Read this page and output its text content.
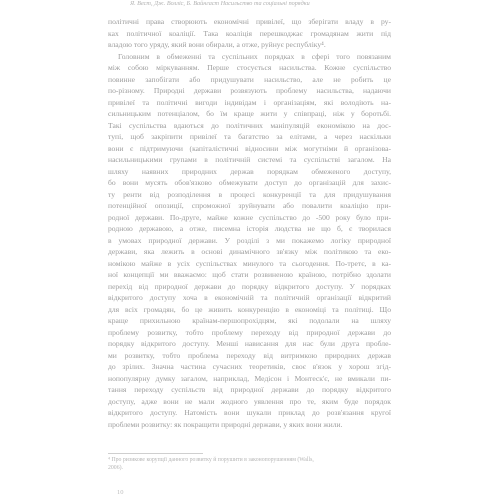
Я. Вест, Дж. Волліс, Б. Вайнгаст Насильство та соціальні порядки
політичні права створюють економічні привілеї, що зберігати владу в ру-
ках політичної коаліції. Така коаліція перешкоджає громадянам жити під
владою того уряду, який вони обирали, а отже, руйнує республіку⁴.
Головним в обмеженні та суспільних порядках в сфері того повязаним
між собою міркуванням. Перше стосується насильства. Кожне суспільство
повинне запобігати або придушувати насильство, але не робить це
по-різному. Природні держави розвязують проблему насильства, надаючи
привілеї та політичні вигоди індивідам і організаціям, які володіють на-
сильницьким потенціалом, бо їм краще жити у співпраці, ніж у боротьбі.
Такі суспільства вдаються до політичних маніпуляцій економікою на дос-
тупі, щоб закріпити привілеї та багатство за елітами, а через наскільки
вони є підтримуючи (капіталістичні відносини між могутніми й організова-
насильницькими групами в політичній системі та суспільстві загалом. На
шляху наявних природних держав порядкам обмеженого доступу,
бо вони мусять обов'язково обмежувати доступ до організацій для захис-
ту ренти від розподілення в процесі конкуренції та для придушування
потенційної опозиції, спроможної зруйнувати або повалити коаліцію при-
родної держави. По-друге, майже кожне суспільство до -500 року було при-
родною державою, а отже, писемна історія людства не що б, є творилася
в умовах природної держави. У розділі з ми покажемо логіку природної
держави, яка лежить в основі динамічного зв'язку між політикою та еко-
номікою майже в усіх суспільствах минулого та сьогодення. По-третє, в ка-
ної концепції ми вважаємо: щоб стати розвиненою країною, потрібно здолати
перехід від природної держави до порядку відкритого доступу. У порядках
відкритого доступу хоча в економічній та політичній організації відкритий
для всіх громадян, бо це живить конкуренцію в економіці та політиці. Що
краще прихильною країнам-першопрохідцям, які подолали на шляху
проблему розвитку, тобто проблему переходу від природної держави до
порядку відкритого доступу. Менші нависання для нас були друга пробле-
ми розвитку, тобто проблема переходу від витримкою природних держав
до зрілих. Значна частина сучасних теоретиків, своє в'язок у хорош згід-
нопопулярну думку загалом, наприклад, Медісон і Монтеск'є, не вмикали пи-
тання переходу суспільств від природної держави до порядку відкритого
доступу, адже вони не мали жодного уявлення про те, яким буде порядок
відкритого доступу. Натомість вони шукали приклад до розв'язання кругої
проблеми розвитку: як покращити природні держави, у яких вони жили.
⁴ Про ризикове корупції данного розвитку й порушити в законопорушенням (Walls,
2006).
10
